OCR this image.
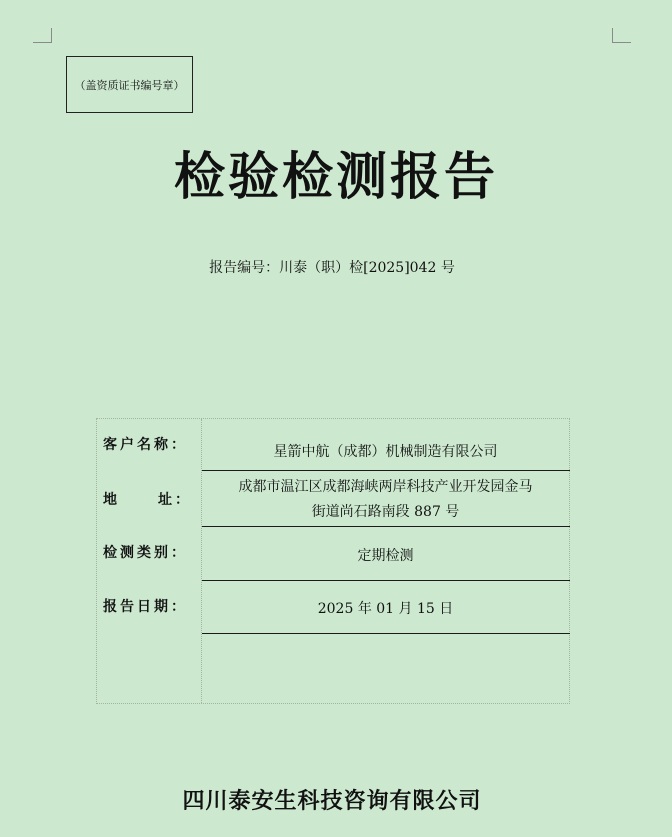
（盖资质证书编号章）
检验检测报告
报告编号：川泰（职）检[2025]042 号
客户名称：	星箭中航（成都）机械制造有限公司
地	址：
成都市温江区成都海峡两岸科技产业开发园金马
街道尚石路南段 887 号
检测类别：	定期检测
报告日期：	2025 年 01 月 15 日
四川泰安生科技咨询有限公司
